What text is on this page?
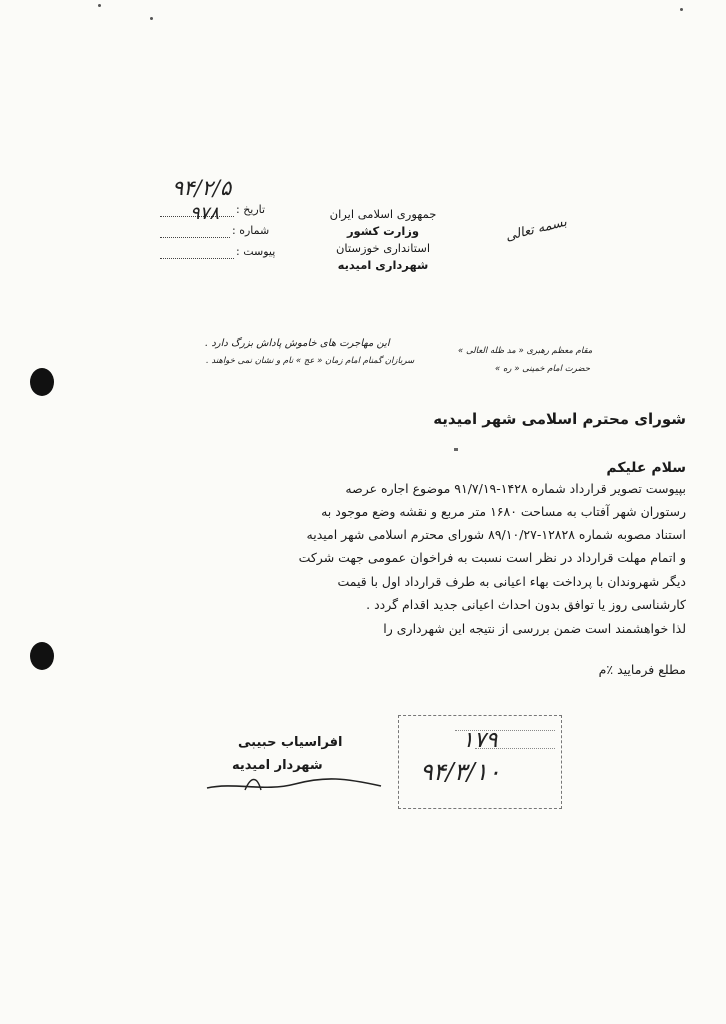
تاریخ :
۹۴/۲/۵
شماره :
۹۷۸
پیوست :
جمهوری اسلامی ایران
وزارت کشور
استانداری خوزستان
شهرداری امیدیه
بسمه تعالی
این مهاجرت های خاموش پاداش بزرگ دارد .
سربازان گمنام امام زمان « عج » نام و نشان نمی خواهند .
مقام معظم رهبری « مد ظله العالی »
حضرت امام خمینی « ره »
شورای محترم اسلامی شهر امیدیه
سلام علیکم
بپیوست تصویر قرارداد شماره ۱۴۲۸-۹۱/۷/۱۹ موضوع اجاره عرصه
رستوران شهر آفتاب به مساحت ۱۶۸۰ متر مربع و نقشه وضع موجود به
استناد مصوبه شماره ۱۲۸۲۸-۸۹/۱۰/۲۷ شورای محترم اسلامی شهر امیدیه
و اتمام مهلت قرارداد در نظر است نسبت به فراخوان عمومی جهت شرکت
دیگر شهروندان با پرداخت بهاء اعیانی به طرف قرارداد اول با قیمت
کارشناسی روز یا توافق بدون احداث اعیانی جدید اقدام گردد .
لذا خواهشمند است ضمن بررسی از نتیجه این شهرداری را
مطلع فرمایید ٪م
افراسیاب حبیبی
شهردار امیدیه
۱۷۹
۹۴/۳/۱۰
